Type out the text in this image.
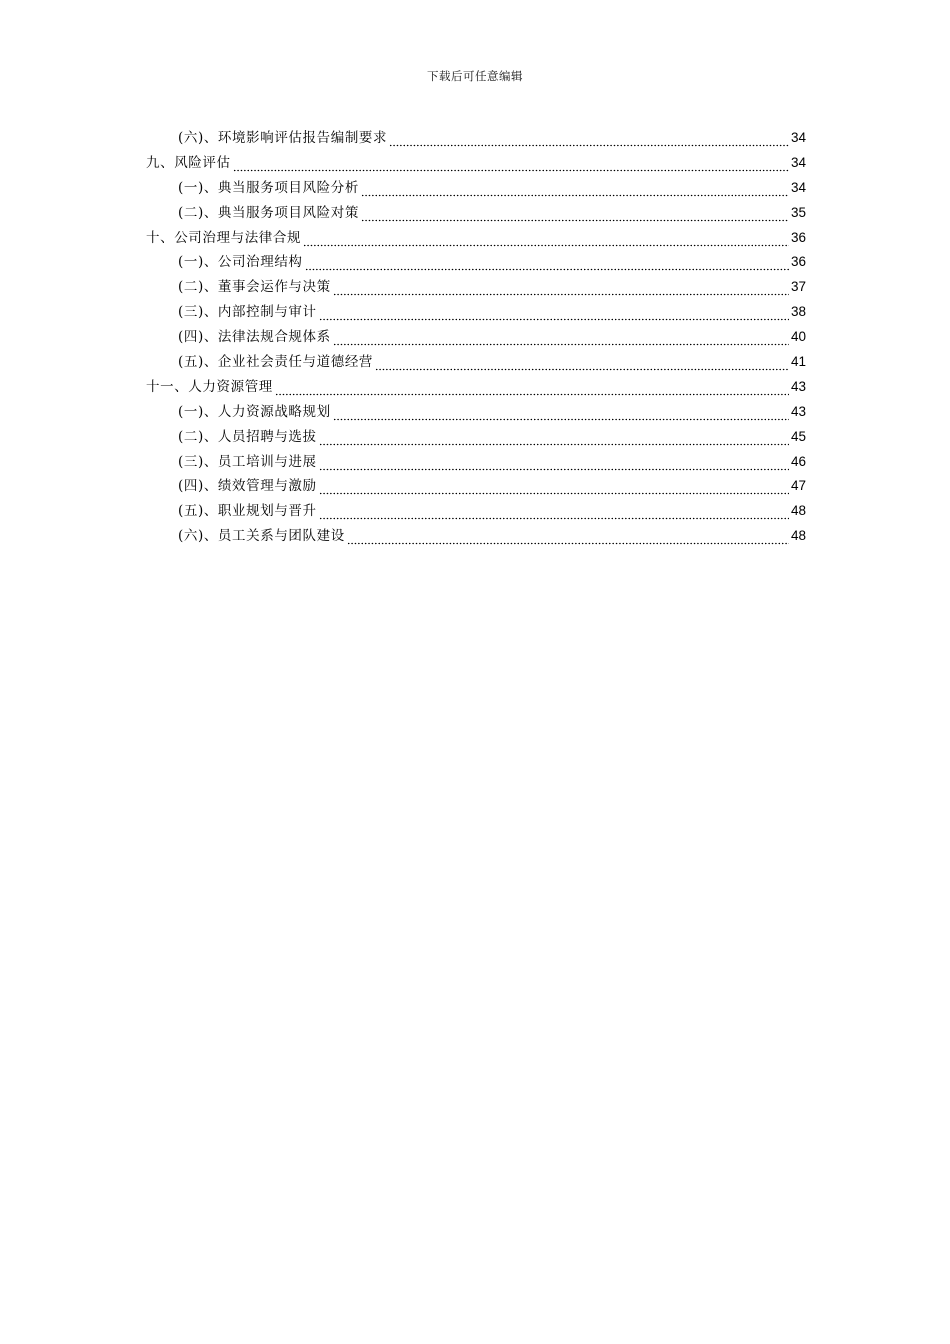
下载后可任意编辑
(六)、环境影响评估报告编制要求	34
九、风险评估	34
(一)、典当服务项目风险分析	34
(二)、典当服务项目风险对策	35
十、公司治理与法律合规	36
(一)、公司治理结构	36
(二)、董事会运作与决策	37
(三)、内部控制与审计	38
(四)、法律法规合规体系	40
(五)、企业社会责任与道德经营	41
十一、人力资源管理	43
(一)、人力资源战略规划	43
(二)、人员招聘与选拔	45
(三)、员工培训与进展	46
(四)、绩效管理与激励	47
(五)、职业规划与晋升	48
(六)、员工关系与团队建设	48
